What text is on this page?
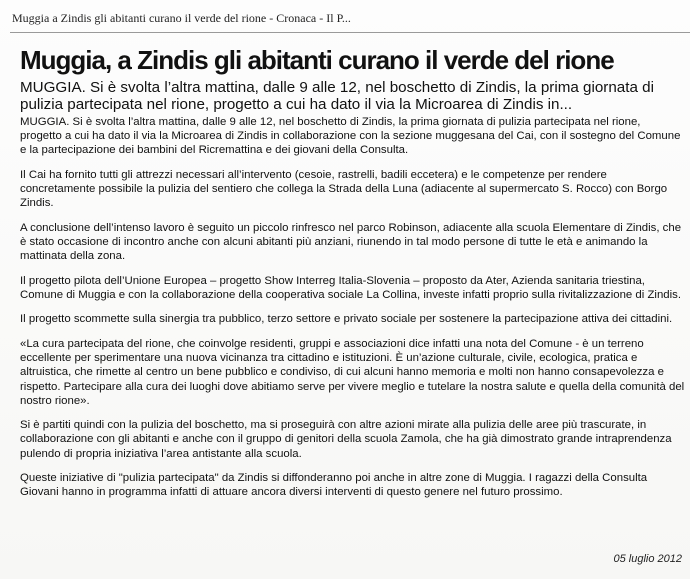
Muggia a Zindis gli abitanti curano il verde del rione - Cronaca - Il P...
Muggia, a Zindis gli abitanti curano il verde del rione
MUGGIA. Si è svolta l’altra mattina, dalle 9 alle 12, nel boschetto di Zindis, la prima giornata di pulizia partecipata nel rione, progetto a cui ha dato il via la Microarea di Zindis in...

MUGGIA. Si è svolta l’altra mattina, dalle 9 alle 12, nel boschetto di Zindis, la prima giornata di pulizia partecipata nel rione, progetto a cui ha dato il via la Microarea di Zindis in collaborazione con la sezione muggesana del Cai, con il sostegno del Comune e la partecipazione dei bambini del Ricremattina e dei giovani della Consulta.

Il Cai ha fornito tutti gli attrezzi necessari all’intervento (cesoie, rastrelli, badili eccetera) e le competenze per rendere concretamente possibile la pulizia del sentiero che collega la Strada della Luna (adiacente al supermercato S. Rocco) con Borgo Zindis.

A conclusione dell’intenso lavoro è seguito un piccolo rinfresco nel parco Robinson, adiacente alla scuola Elementare di Zindis, che è stato occasione di incontro anche con alcuni abitanti più anziani, riunendo in tal modo persone di tutte le età e animando la mattinata della zona.

Il progetto pilota dell’Unione Europea – progetto Show Interreg Italia-Slovenia – proposto da Ater, Azienda sanitaria triestina, Comune di Muggia e con la collaborazione della cooperativa sociale La Collina, investe infatti proprio sulla rivitalizzazione di Zindis.

Il progetto scommette sulla sinergia tra pubblico, terzo settore e privato sociale per sostenere la partecipazione attiva dei cittadini.

«La cura partecipata del rione, che coinvolge residenti, gruppi e associazioni dice infatti una nota del Comune - è un terreno eccellente per sperimentare una nuova vicinanza tra cittadino e istituzioni. È un’azione culturale, civile, ecologica, pratica e altruistica, che rimette al centro un bene pubblico e condiviso, di cui alcuni hanno memoria e molti non hanno consapevolezza e rispetto. Partecipare alla cura dei luoghi dove abitiamo serve per vivere meglio e tutelare la nostra salute e quella della comunità del nostro rione».

Si è partiti quindi con la pulizia del boschetto, ma si proseguirà con altre azioni mirate alla pulizia delle aree più trascurate, in collaborazione con gli abitanti e anche con il gruppo di genitori della scuola Zamola, che ha già dimostrato grande intraprendenza pulendo di propria iniziativa l’area antistante alla scuola.

Queste iniziative di "pulizia partecipata" da Zindis si diffonderanno poi anche in altre zone di Muggia. I ragazzi della Consulta Giovani hanno in programma infatti di attuare ancora diversi interventi di questo genere nel futuro prossimo.

05 luglio 2012
